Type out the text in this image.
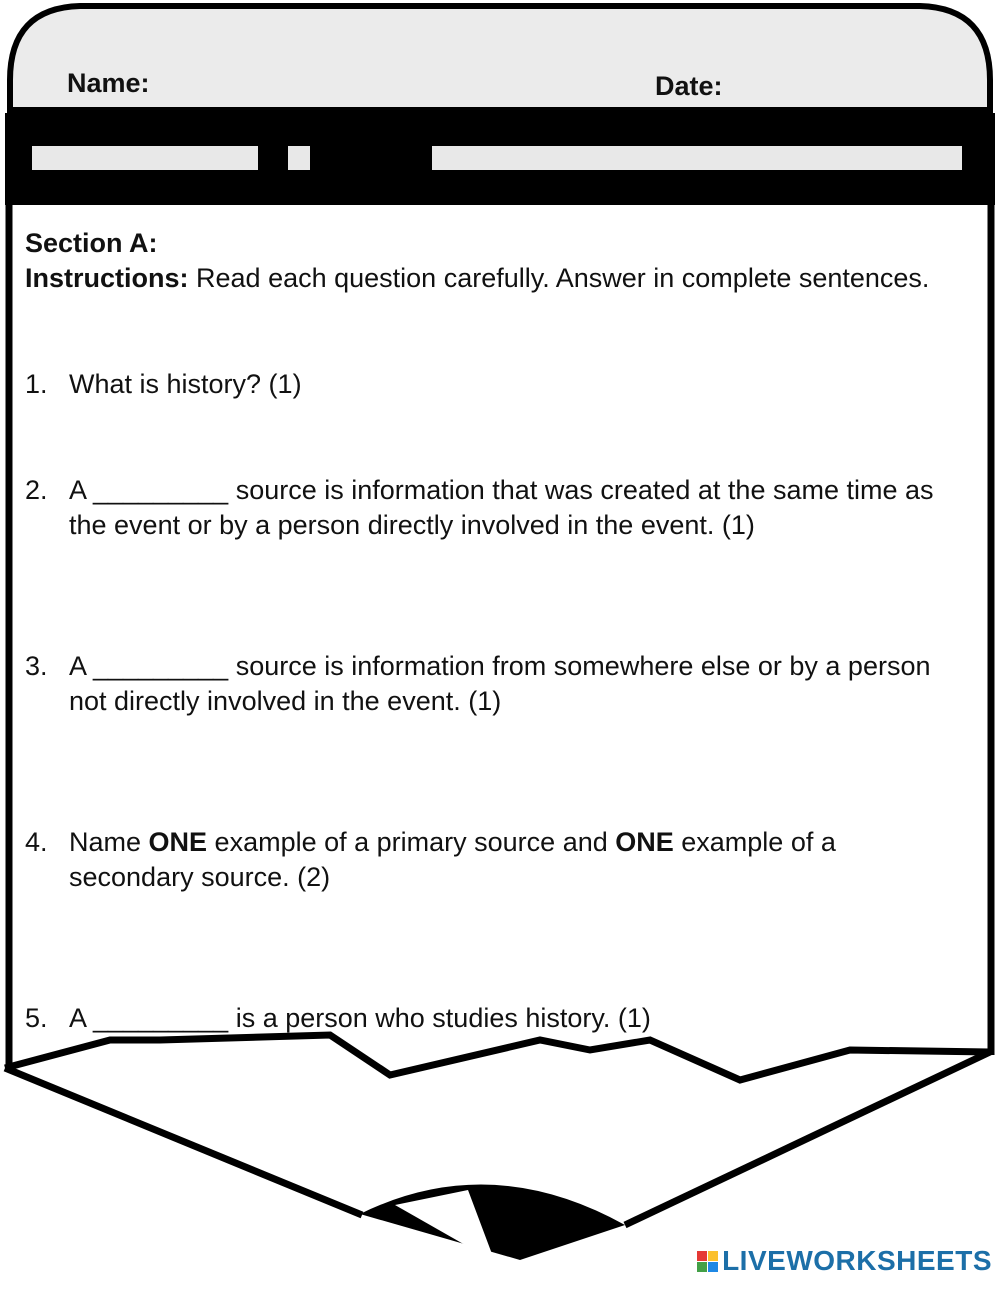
Name:	Date:
Section A:
Instructions: Read each question carefully. Answer in complete sentences.
1. What is history? (1)
2. A _________ source is information that was created at the same time as the event or by a person directly involved in the event. (1)
3. A _________ source is information from somewhere else or by a person not directly involved in the event. (1)
4. Name ONE example of a primary source and ONE example of a secondary source. (2)
5. A _________ is a person who studies history. (1)
LIVEWORKSHEETS
